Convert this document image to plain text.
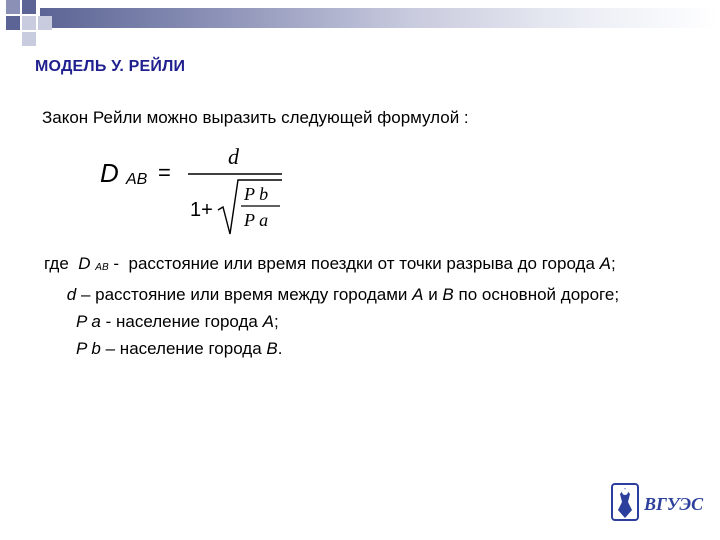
МОДЕЛЬ У. РЕЙЛИ
Закон Рейли можно выразить следующей формулой :
D AB =
d
1+
P b
P a

где D AB - расстояние или время поездки от точки разрыва до города A;

d – расстояние или время между городами A и B по основной дороге;

P a - население города A;

P b – население города B.

ВГУЭС
